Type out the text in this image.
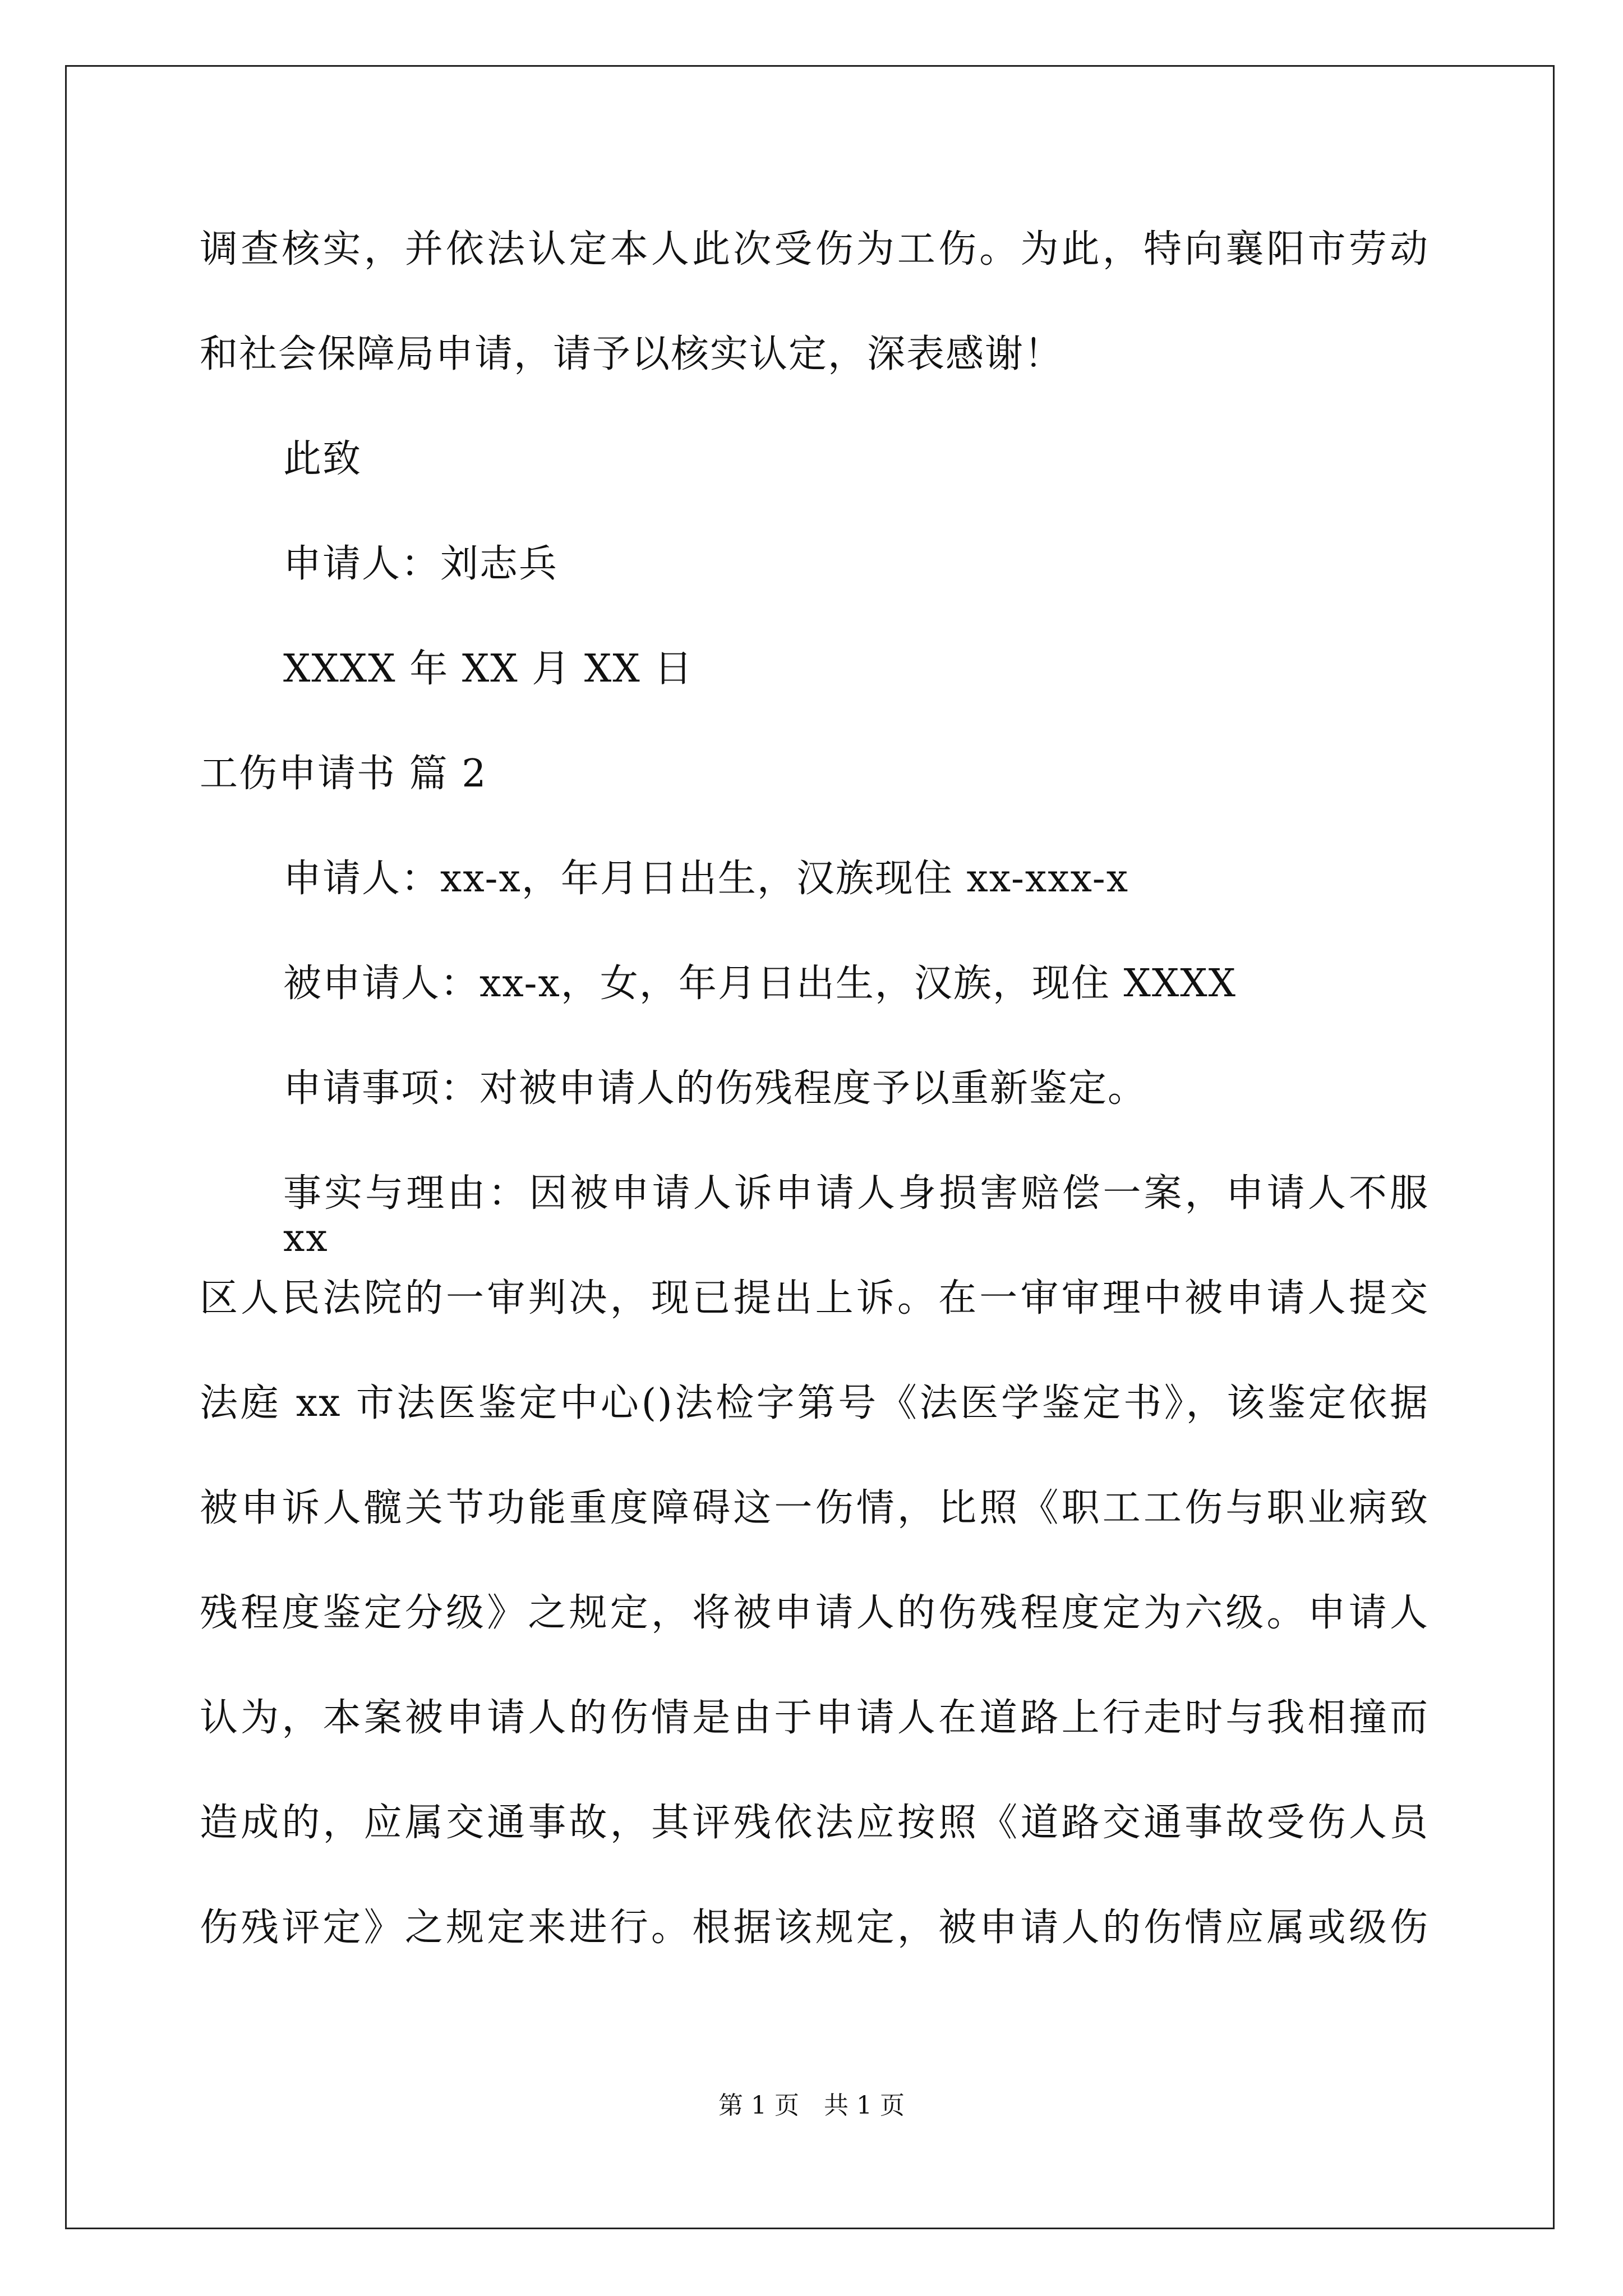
调查核实，并依法认定本人此次受伤为工伤。为此，特向襄阳市劳动
和社会保障局申请，请予以核实认定，深表感谢！
此致
申请人：刘志兵
XXXX 年 XX 月 XX 日
工伤申请书 篇 2
申请人：xx-x，年月日出生，汉族现住 xx-xxx-x
被申请人：xx-x，女，年月日出生，汉族，现住 XXXX
申请事项：对被申请人的伤残程度予以重新鉴定。
事实与理由：因被申请人诉申请人身损害赔偿一案，申请人不服 xx
区人民法院的一审判决，现已提出上诉。在一审审理中被申请人提交
法庭 xx 市法医鉴定中心()法检字第号《法医学鉴定书》，该鉴定依据
被申诉人髋关节功能重度障碍这一伤情，比照《职工工伤与职业病致
残程度鉴定分级》之规定，将被申请人的伤残程度定为六级。申请人
认为，本案被申请人的伤情是由于申请人在道路上行走时与我相撞而
造成的，应属交通事故，其评残依法应按照《道路交通事故受伤人员
伤残评定》之规定来进行。根据该规定，被申请人的伤情应属或级伤
第 1 页　共 1 页
